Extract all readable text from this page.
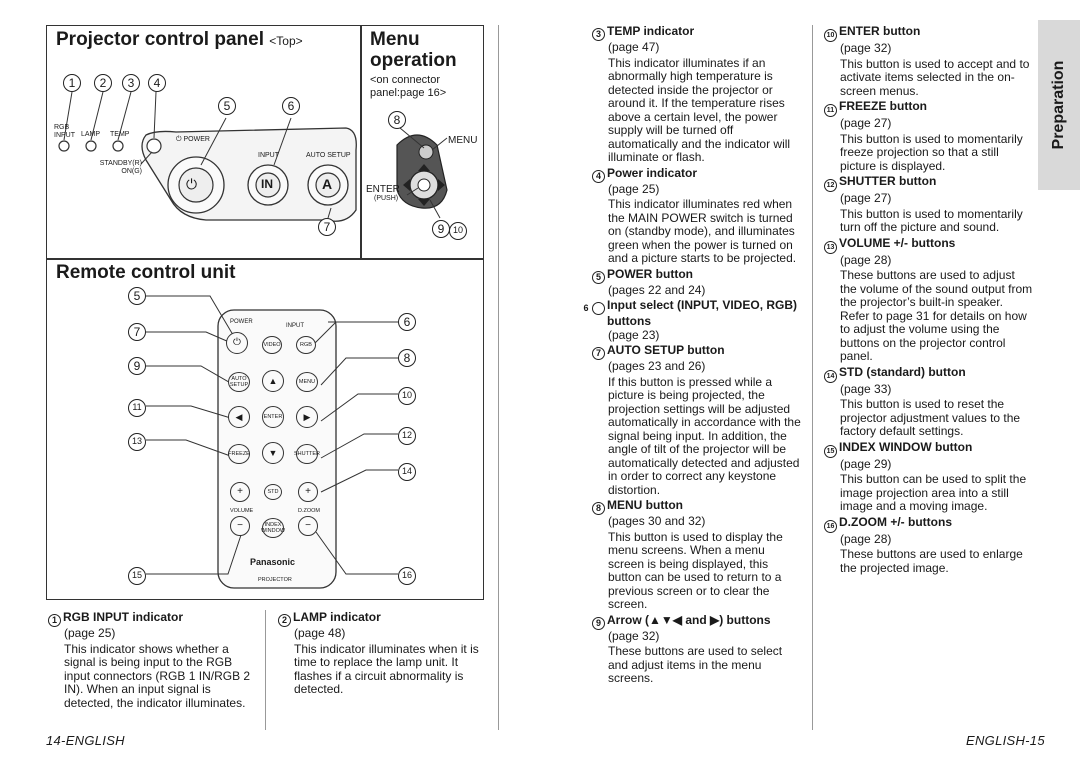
Projector control panel <Top>	Menu
operation
<on connector panel:page 16>
Remote control unit
1	2	3	4
5	6
7
RGB INPUT LAMP TEMP
⏻ POWER
STANDBY(R) ON(G)
INPUT	AUTO SETUP
⏻	IN	A
8
MENU
ENTER
(PUSH)
9 10
5
7
9
11
13
15
6
8
10
12
14
16
POWER
INPUT
⏻	VIDEO	RGB
AUTO SETUP ▲	MENU
◀	ENTER ▶
FREEZE ▼	SHUTTER
+	STD	+
VOLUME	D.ZOOM
−	INDEX WINDOW	−
Panasonic
PROJECTOR
1 RGB INPUT indicator
(page 25)

This indicator shows whether a signal is being input to the RGB input connectors (RGB 1 IN/RGB 2 IN). When an input signal is detected, the indicator illuminates.

2 LAMP indicator
(page 48)

This indicator illuminates when it is time to replace the lamp unit. It flashes if a circuit abnormality is detected.

3 TEMP indicator
(page 47)

This indicator illuminates if an abnormally high temperature is detected inside the projector or around it. If the temperature rises above a certain level, the power supply will be turned off automatically and the indicator will illuminate or flash.

4 Power indicator
(page 25)

This indicator illuminates red when the MAIN POWER switch is turned on (standby mode), and illuminates green when the power is turned on and a picture starts to be projected.

5 POWER button
(pages 22 and 24)
6 Input select (INPUT, VIDEO, RGB) buttons
(page 23)
7 AUTO SETUP button
(pages 23 and 26)

If this button is pressed while a picture is being projected, the projection settings will be adjusted automatically in accordance with the signal being input. In addition, the angle of tilt of the projector will be automatically detected and adjusted in order to correct any keystone distortion.

8 MENU button
(pages 30 and 32)

This button is used to display the menu screens. When a menu screen is being displayed, this button can be used to return to a previous screen or to clear the screen.

9 Arrow (▲▼◀ and ▶) buttons
(page 32)

These buttons are used to select and adjust items in the menu screens.

10 ENTER button
(page 32)

This button is used to accept and to activate items selected in the on-screen menus.

11 FREEZE button
(page 27)

This button is used to momentarily freeze projection so that a still picture is displayed.

12 SHUTTER button
(page 27)

This button is used to momentarily turn off the picture and sound.

13 VOLUME +/- buttons
(page 28)

These buttons are used to adjust the volume of the sound output from the projector’s built-in speaker. Refer to page 31 for details on how to adjust the volume using the buttons on the projector control panel.

14 STD (standard) button
(page 33)

This button is used to reset the projector adjustment values to the factory default settings.

15 INDEX WINDOW button
(page 29)

This button can be used to split the image projection area into a still image and a moving image.

16 D.ZOOM +/- buttons
(page 28)

These buttons are used to enlarge the projected image.

Preparation
14-ENGLISH	ENGLISH-15
